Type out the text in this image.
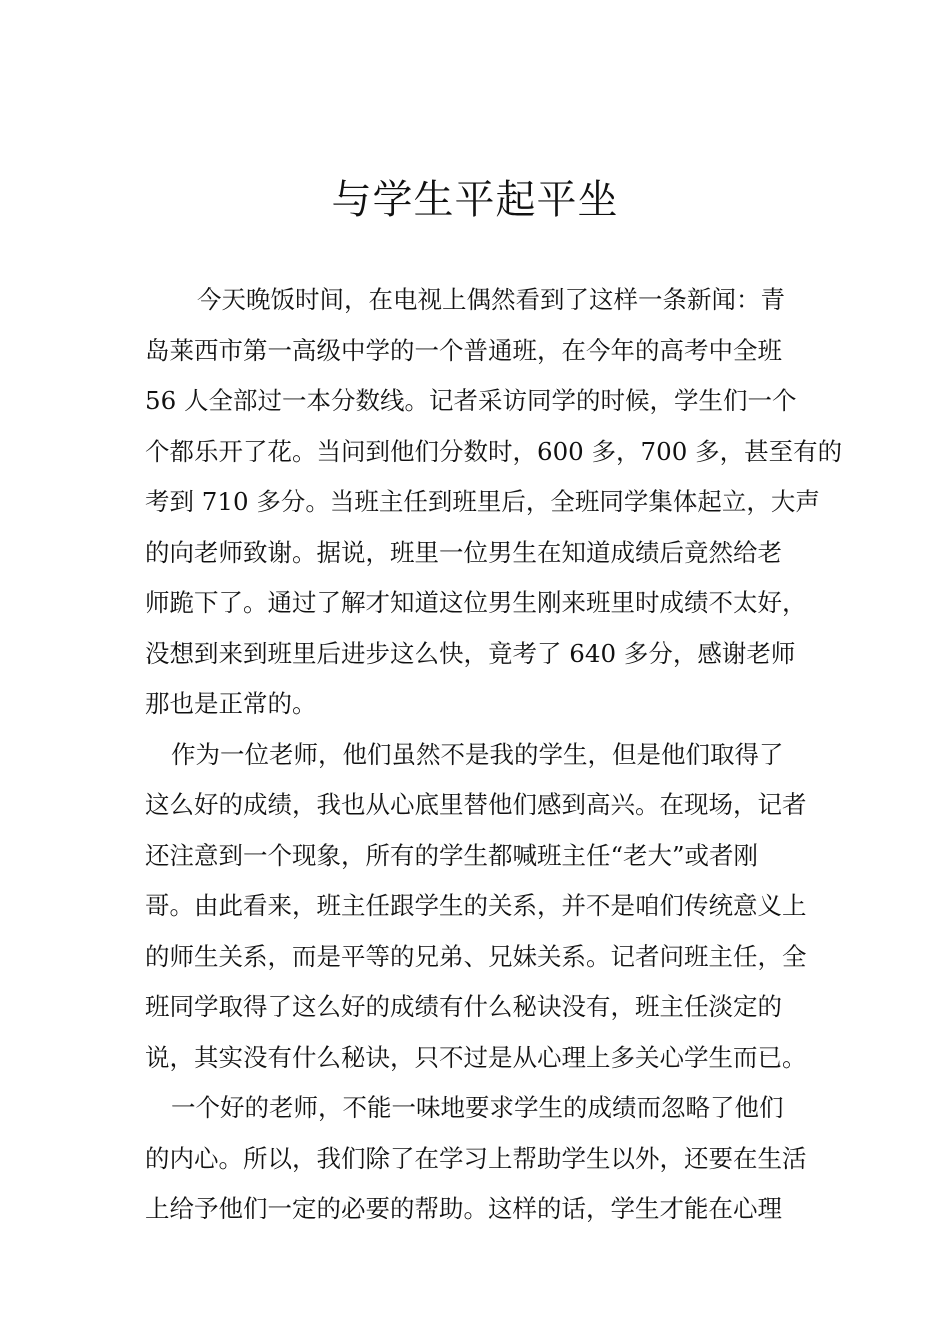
与学生平起平坐
今天晚饭时间，在电视上偶然看到了这样一条新闻：青
岛莱西市第一高级中学的一个普通班，在今年的高考中全班
56 人全部过一本分数线。记者采访同学的时候，学生们一个
个都乐开了花。当问到他们分数时，600 多，700 多，甚至有的
考到 710 多分。当班主任到班里后，全班同学集体起立，大声
的向老师致谢。据说，班里一位男生在知道成绩后竟然给老
师跪下了。通过了解才知道这位男生刚来班里时成绩不太好，
没想到来到班里后进步这么快，竟考了 640 多分，感谢老师
那也是正常的。
作为一位老师，他们虽然不是我的学生，但是他们取得了
这么好的成绩，我也从心底里替他们感到高兴。在现场，记者
还注意到一个现象，所有的学生都喊班主任“老大”或者刚
哥。由此看来，班主任跟学生的关系，并不是咱们传统意义上
的师生关系，而是平等的兄弟、兄妹关系。记者问班主任，全
班同学取得了这么好的成绩有什么秘诀没有，班主任淡定的
说，其实没有什么秘诀，只不过是从心理上多关心学生而已。
一个好的老师，不能一味地要求学生的成绩而忽略了他们
的内心。所以，我们除了在学习上帮助学生以外，还要在生活
上给予他们一定的必要的帮助。这样的话，学生才能在心理
